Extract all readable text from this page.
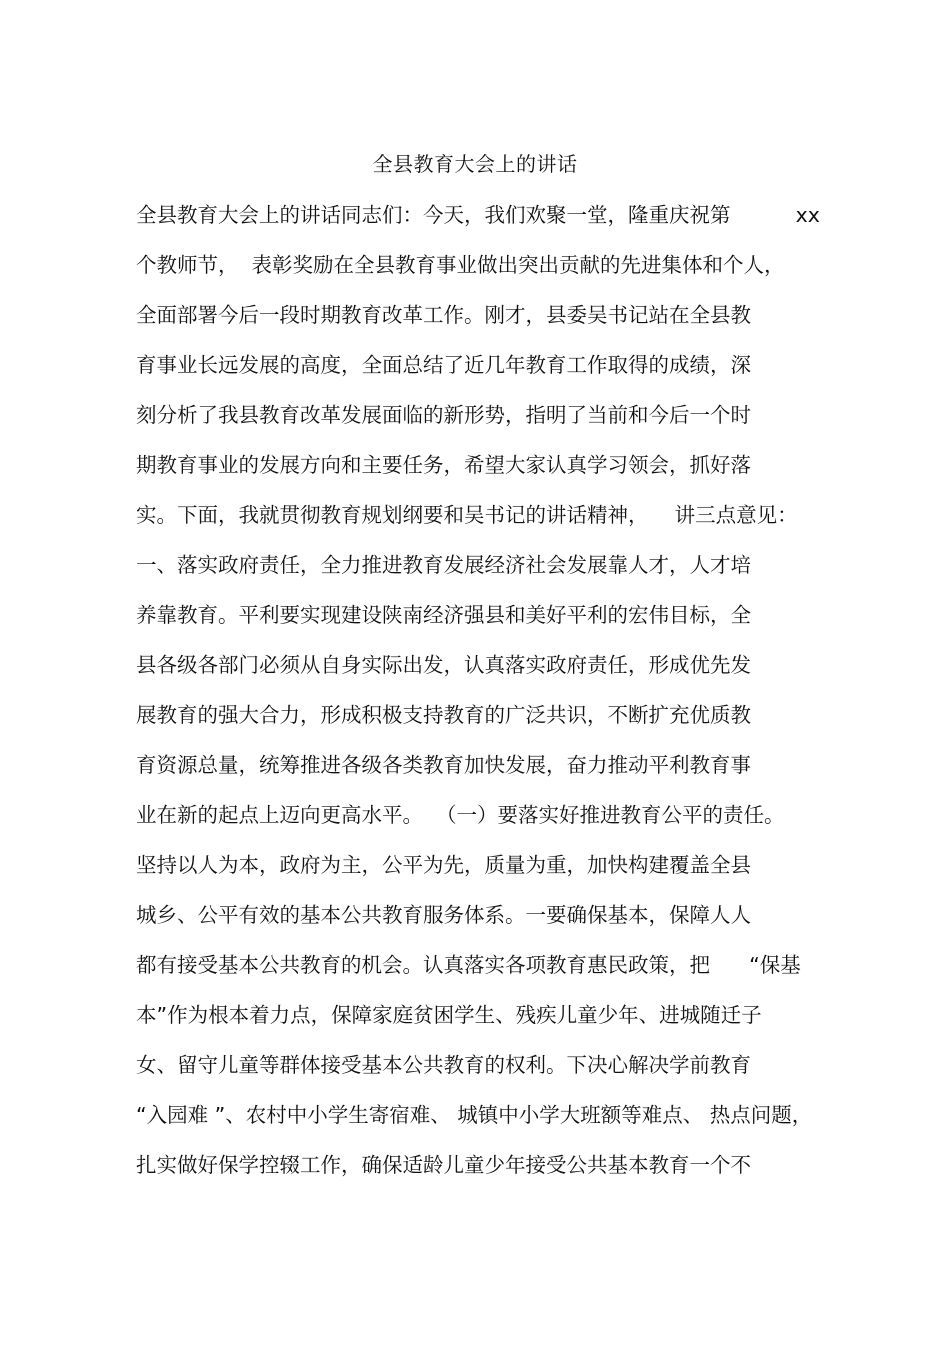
全县教育大会上的讲话
全县教育大会上的讲话同志们：今天，我们欢聚一堂，隆重庆祝第          xx
个教师节，  表彰奖励在全县教育事业做出突出贡献的先进集体和个人，
全面部署今后一段时期教育改革工作。刚才，县委吴书记站在全县教
育事业长远发展的高度，全面总结了近几年教育工作取得的成绩，深
刻分析了我县教育改革发展面临的新形势，指明了当前和今后一个时
期教育事业的发展方向和主要任务，希望大家认真学习领会，抓好落
实。下面，我就贯彻教育规划纲要和吴书记的讲话精神，    讲三点意见：
一、落实政府责任，全力推进教育发展经济社会发展靠人才，人才培
养靠教育。平利要实现建设陕南经济强县和美好平利的宏伟目标，全
县各级各部门必须从自身实际出发，认真落实政府责任，形成优先发
展教育的强大合力，形成积极支持教育的广泛共识，不断扩充优质教
育资源总量，统筹推进各级各类教育加快发展，奋力推动平利教育事
业在新的起点上迈向更高水平。  （一）要落实好推进教育公平的责任。
坚持以人为本，政府为主，公平为先，质量为重，加快构建覆盖全县
城乡、公平有效的基本公共教育服务体系。一要确保基本，保障人人
都有接受基本公共教育的机会。认真落实各项教育惠民政策，把      “保基
本”作为根本着力点，保障家庭贫困学生、残疾儿童少年、进城随迁子
女、留守儿童等群体接受基本公共教育的权利。下决心解决学前教育
“入园难 ”、农村中小学生寄宿难、 城镇中小学大班额等难点、 热点问题，
扎实做好保学控辍工作，确保适龄儿童少年接受公共基本教育一个不
